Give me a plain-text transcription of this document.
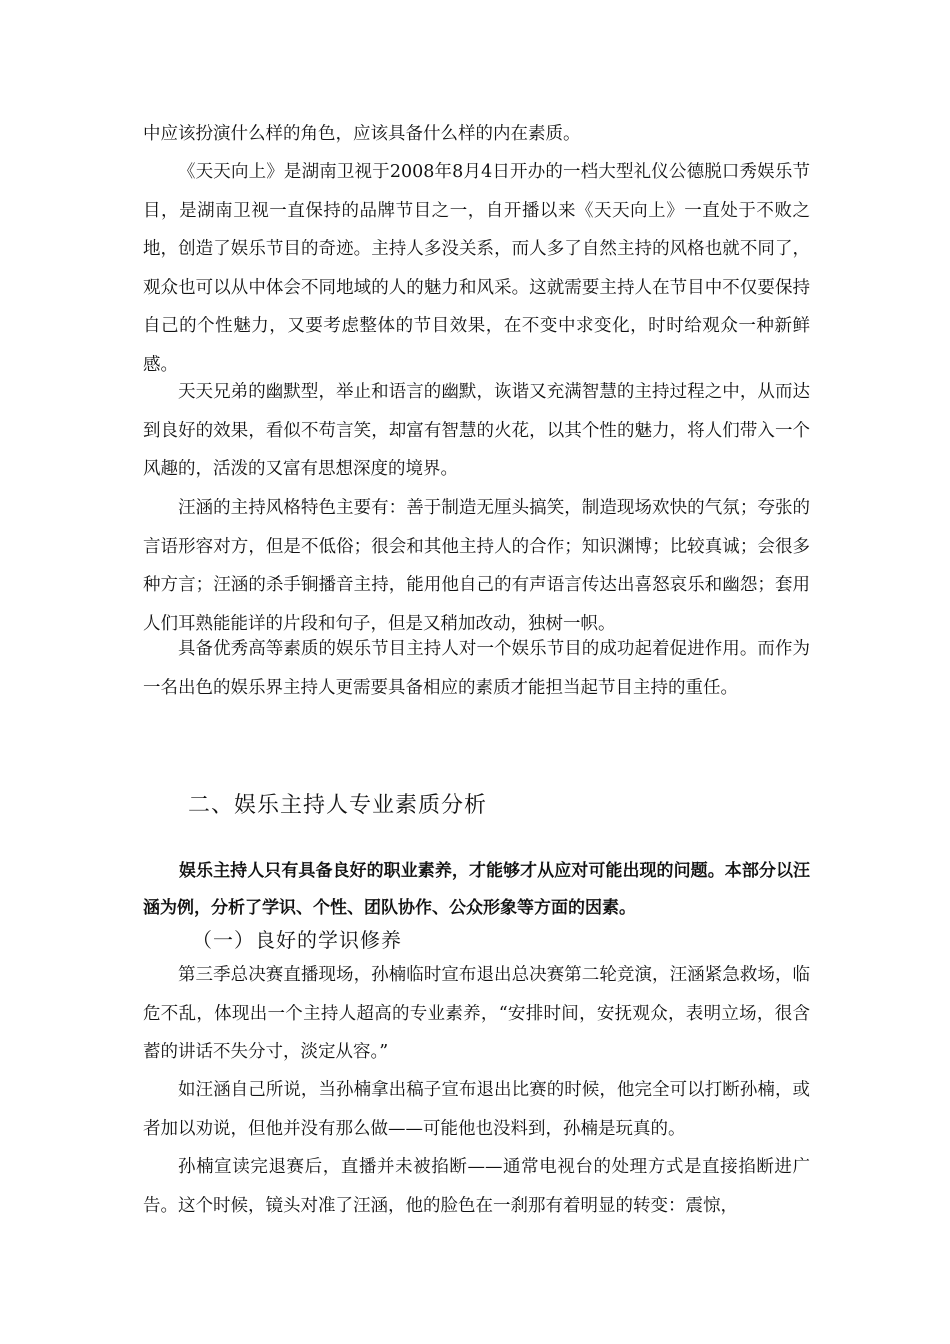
中应该扮演什么样的角色，应该具备什么样的内在素质。

《天天向上》是湖南卫视于2008年8月4日开办的一档大型礼仪公德脱口秀娱乐节目，是湖南卫视一直保持的品牌节目之一，自开播以来《天天向上》一直处于不败之地，创造了娱乐节目的奇迹。主持人多没关系，而人多了自然主持的风格也就不同了，观众也可以从中体会不同地域的人的魅力和风采。这就需要主持人在节目中不仅要保持自己的个性魅力，又要考虑整体的节目效果，在不变中求变化，时时给观众一种新鲜感。

天天兄弟的幽默型，举止和语言的幽默，诙谐又充满智慧的主持过程之中，从而达到良好的效果，看似不苟言笑，却富有智慧的火花，以其个性的魅力，将人们带入一个风趣的，活泼的又富有思想深度的境界。

汪涵的主持风格特色主要有：善于制造无厘头搞笑，制造现场欢快的气氛；夸张的言语形容对方，但是不低俗；很会和其他主持人的合作；知识渊博；比较真诚；会很多种方言；汪涵的杀手锏播音主持，能用他自己的有声语言传达出喜怒哀乐和幽怨；套用人们耳熟能能详的片段和句子，但是又稍加改动，独树一帜。

具备优秀高等素质的娱乐节目主持人对一个娱乐节目的成功起着促进作用。而作为一名出色的娱乐界主持人更需要具备相应的素质才能担当起节目主持的重任。

二、娱乐主持人专业素质分析

娱乐主持人只有具备良好的职业素养，才能够才从应对可能出现的问题。本部分以汪涵为例，分析了学识、个性、团队协作、公众形象等方面的因素。

（一）良好的学识修养

第三季总决赛直播现场，孙楠临时宣布退出总决赛第二轮竞演，汪涵紧急救场，临危不乱，体现出一个主持人超高的专业素养，“安排时间，安抚观众，表明立场，很含蓄的讲话不失分寸，淡定从容。”

如汪涵自己所说，当孙楠拿出稿子宣布退出比赛的时候，他完全可以打断孙楠，或者加以劝说，但他并没有那么做——可能他也没料到，孙楠是玩真的。

孙楠宣读完退赛后，直播并未被掐断——通常电视台的处理方式是直接掐断进广告。这个时候，镜头对准了汪涵，他的脸色在一刹那有着明显的转变：震惊，
